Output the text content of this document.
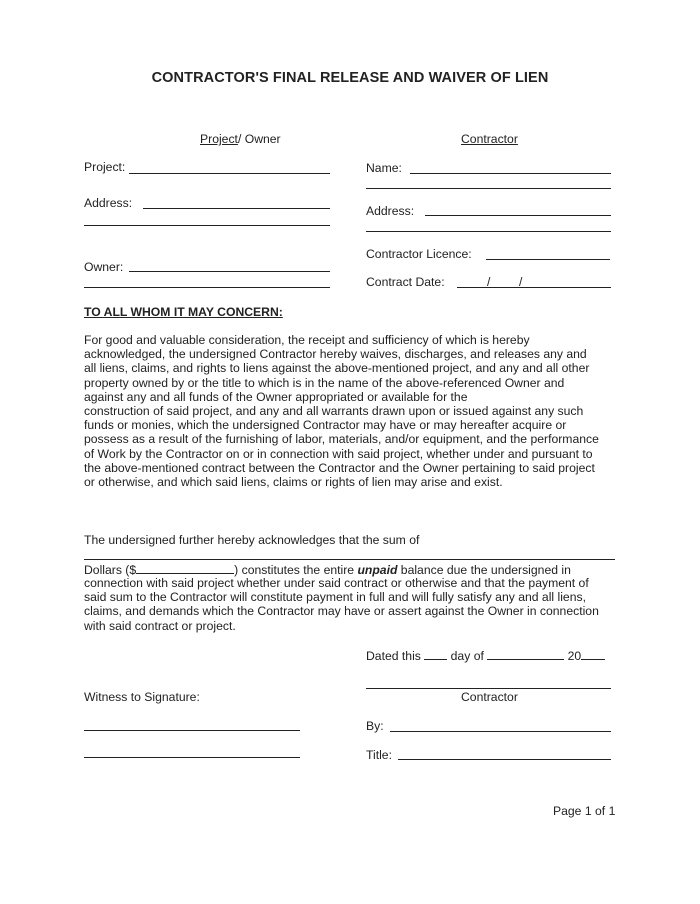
CONTRACTOR'S FINAL RELEASE AND WAIVER OF LIEN
Project/ Owner	Contractor
Project:
Address:
Owner:
Name:
Address:
Contractor Licence:
Contract Date:	/ /
TO ALL WHOM IT MAY CONCERN:
For good and valuable consideration, the receipt and sufficiency of which is hereby
acknowledged, the undersigned Contractor hereby waives, discharges, and releases any and
all liens, claims, and rights to liens against the above-mentioned project, and any and all other
property owned by or the title to which is in the name of the above-referenced Owner and
against any and all funds of the Owner appropriated or available for the
construction of said project, and any and all warrants drawn upon or issued against any such
funds or monies, which the undersigned Contractor may have or may hereafter acquire or
possess as a result of the furnishing of labor, materials, and/or equipment, and the performance
of Work by the Contractor on or in connection with said project, whether under and pursuant to
the above-mentioned contract between the Contractor and the Owner pertaining to said project
or otherwise, and which said liens, claims or rights of lien may arise and exist.
The undersigned further hereby acknowledges that the sum of
Dollars ($	) constitutes the entire unpaid balance due the undersigned in
connection with said project whether under said contract or otherwise and that the payment of
said sum to the Contractor will constitute payment in full and will fully satisfy any and all liens,
claims, and demands which the Contractor may have or assert against the Owner in connection
with said contract or project.
Dated this day of	20
Contractor
Witness to Signature:
By:
Title:
Page 1 of 1
